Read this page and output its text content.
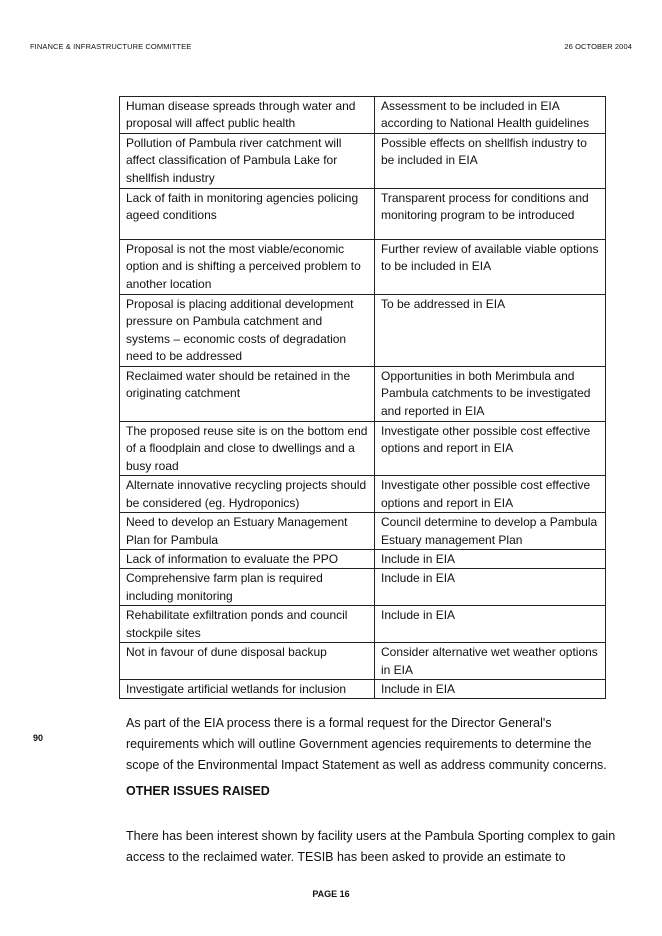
FINANCE & INFRASTRUCTURE COMMITTEE	26 OCTOBER 2004
Human disease spreads through water and proposal will affect public health	Assessment to be included in EIA according to National Health guidelines
Pollution of Pambula river catchment will affect classification of Pambula Lake for shellfish industry	Possible effects on shellfish industry to be included in EIA
Lack of faith in monitoring agencies policing ageed conditions	Transparent process for conditions and monitoring program to be introduced
Proposal is not the most viable/economic option and is shifting a perceived problem to another location	Further review of available viable options to be included in EIA
Proposal is placing additional development pressure on Pambula catchment and systems – economic costs of degradation need to be addressed	To be addressed in EIA
Reclaimed water should be retained in the originating catchment	Opportunities in both Merimbula and Pambula catchments to be investigated and reported in EIA
The proposed reuse site is on the bottom end of a floodplain and close to dwellings and a busy road	Investigate other possible cost effective options and report in EIA
Alternate innovative recycling projects should be considered (eg. Hydroponics)	Investigate other possible cost effective options and report in EIA
Need to develop an Estuary Management Plan for Pambula	Council determine to develop a Pambula Estuary management Plan
Lack of information to evaluate the PPO	Include in EIA
Comprehensive farm plan is required including monitoring	Include in EIA
Rehabilitate exfiltration ponds and council stockpile sites	Include in EIA
Not in favour of dune disposal backup	Consider alternative wet weather options in EIA
Investigate artificial wetlands for inclusion	Include in EIA
90
As part of the EIA process there is a formal request for the Director General's requirements which will outline Government agencies requirements to determine the scope of the Environmental Impact Statement as well as address community concerns.
OTHER ISSUES RAISED
There has been interest shown by facility users at the Pambula Sporting complex to gain access to the reclaimed water. TESIB has been asked to provide an estimate to
PAGE 16
